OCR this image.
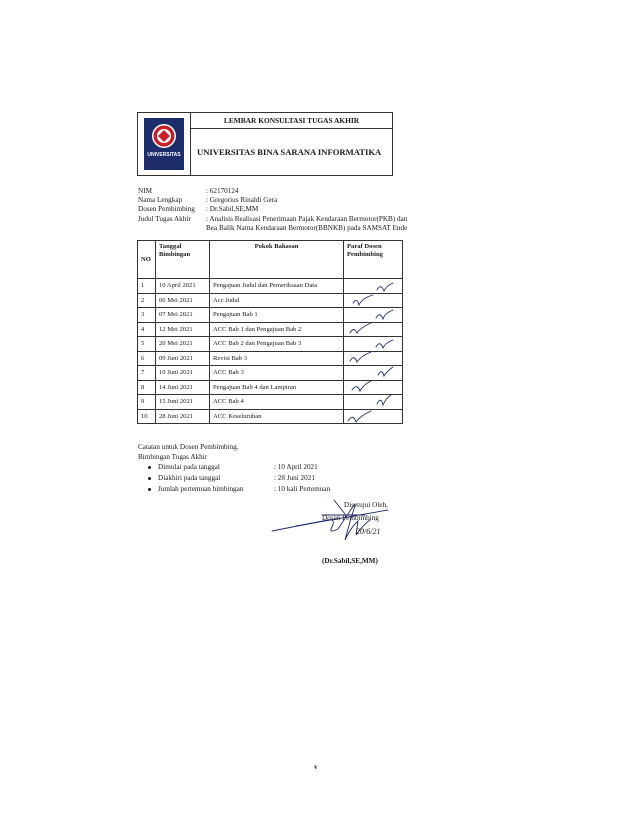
UNIVERSITAS
LEMBAR KONSULTASI TUGAS AKHIR
UNIVERSITAS BINA SARANA INFORMATIKA
NIM	: 62170124
Nama Lengkap	: Gregorius Rinaldi Gera
Dosen Pembimbing : Dr.Sabil,SE,MM
Judul Tugas Akhir : Analisis Realisasi Penerimaan Pajak Kendaraan Bermotor(PKB) dan
Bea Balik Nama Kendaraan Bermotor(BBNKB) pada SAMSAT Ende
NO	Tanggal Bimbingan	Pokok Bahasan	Paraf Dosen Pembimbing
1	10 April 2021	Pengajuan Judul dan Pemeriksaan Data	
2	06 Mei 2021	Acc Judul	
3	07 Mei 2021	Pengajuan Bab 1	
4	12 Mei 2021	ACC Bab 1 dan Pengajuan Bab 2	
5	20 Mei 2021	ACC Bab 2 dan Pengajuan Bab 3	
6	09 Juni 2021	Revisi Bab 3	
7	10 Juni 2021	ACC Bab 3	
8	14 Juni 2021	Pengajuan Bab 4 dan Lampiran	
9	15 Juni 2021	ACC Bab 4	
10	28 Juni 2021	ACC Keseluruhan	
Catatan untuk Dosen Pembimbing.
Bimbingan Tugas Akhir
Dimulai pada tanggal	: 10 April 2021
Diakhiri pada tanggal	: 28 Juni 2021
Jumlah pertemuan bimbingan	: 10 kali Pertemuan
Disetujui Oleh,
Dosen Pembimbing
20/6/21
(Dr.Sabil,SE,MM)
v
